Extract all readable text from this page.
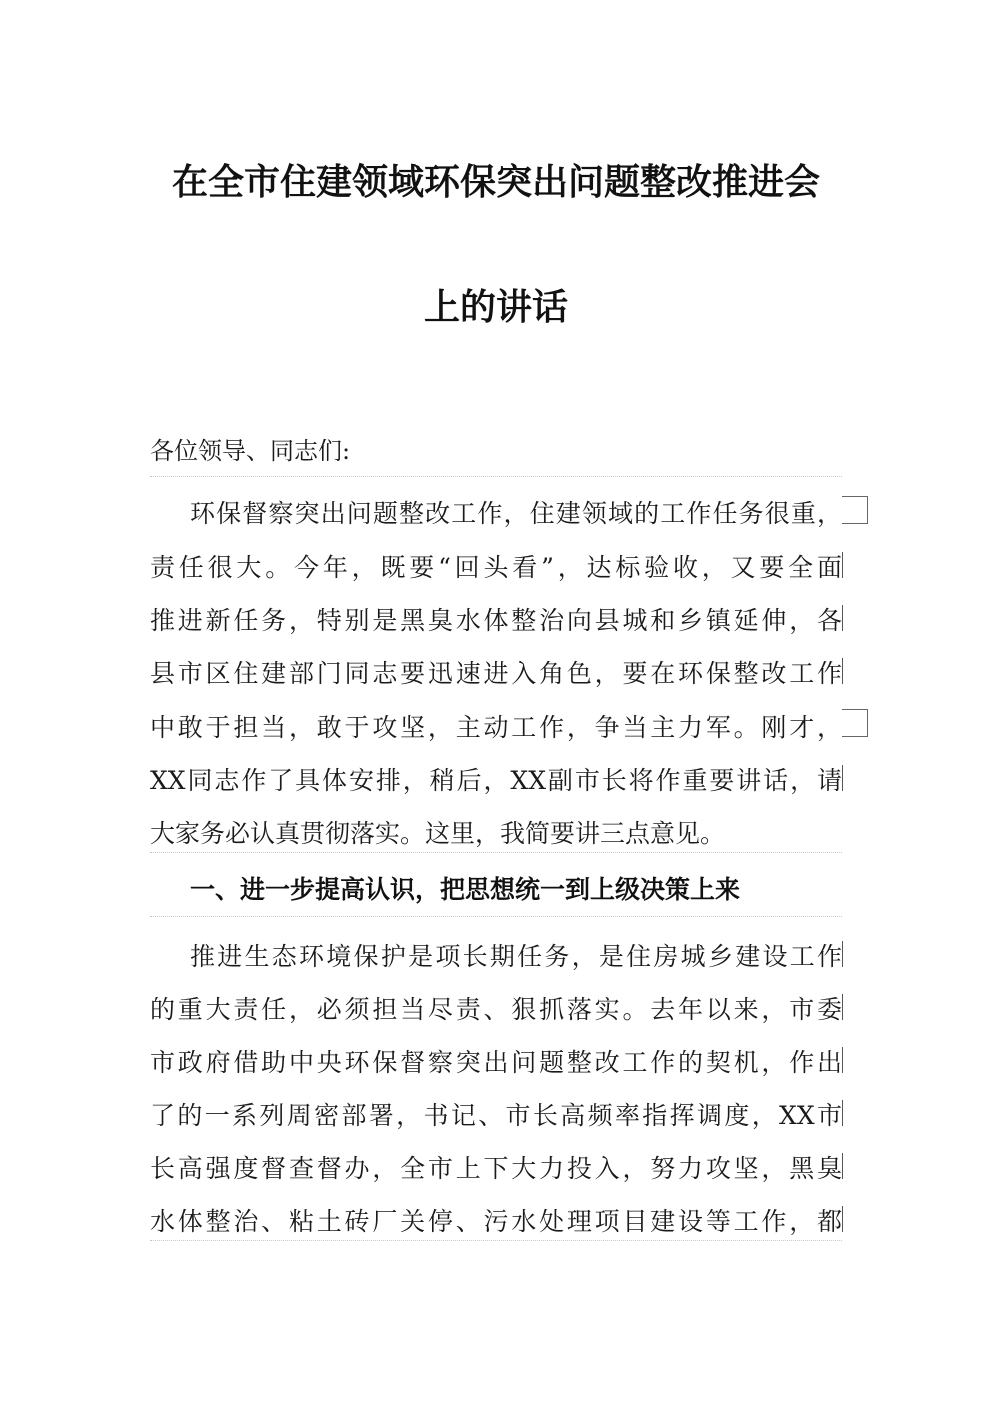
在全市住建领域环保突出问题整改推进会
上的讲话
各位领导、同志们:
环保督察突出问题整改工作，住建领域的工作任务很重，
责任很大。今年，既要“回头看”，达标验收，又要全面
推进新任务，特别是黑臭水体整治向县城和乡镇延伸，各
县市区住建部门同志要迅速进入角色，要在环保整改工作
中敢于担当，敢于攻坚，主动工作，争当主力军。刚才，
XX同志作了具体安排，稍后，XX副市长将作重要讲话，请
大家务必认真贯彻落实。这里，我简要讲三点意见。
一、进一步提高认识，把思想统一到上级决策上来
推进生态环境保护是项长期任务，是住房城乡建设工作
的重大责任，必须担当尽责、狠抓落实。去年以来，市委
市政府借助中央环保督察突出问题整改工作的契机，作出
了的一系列周密部署，书记、市长高频率指挥调度，XX市
长高强度督查督办，全市上下大力投入，努力攻坚，黑臭
水体整治、粘土砖厂关停、污水处理项目建设等工作，都
